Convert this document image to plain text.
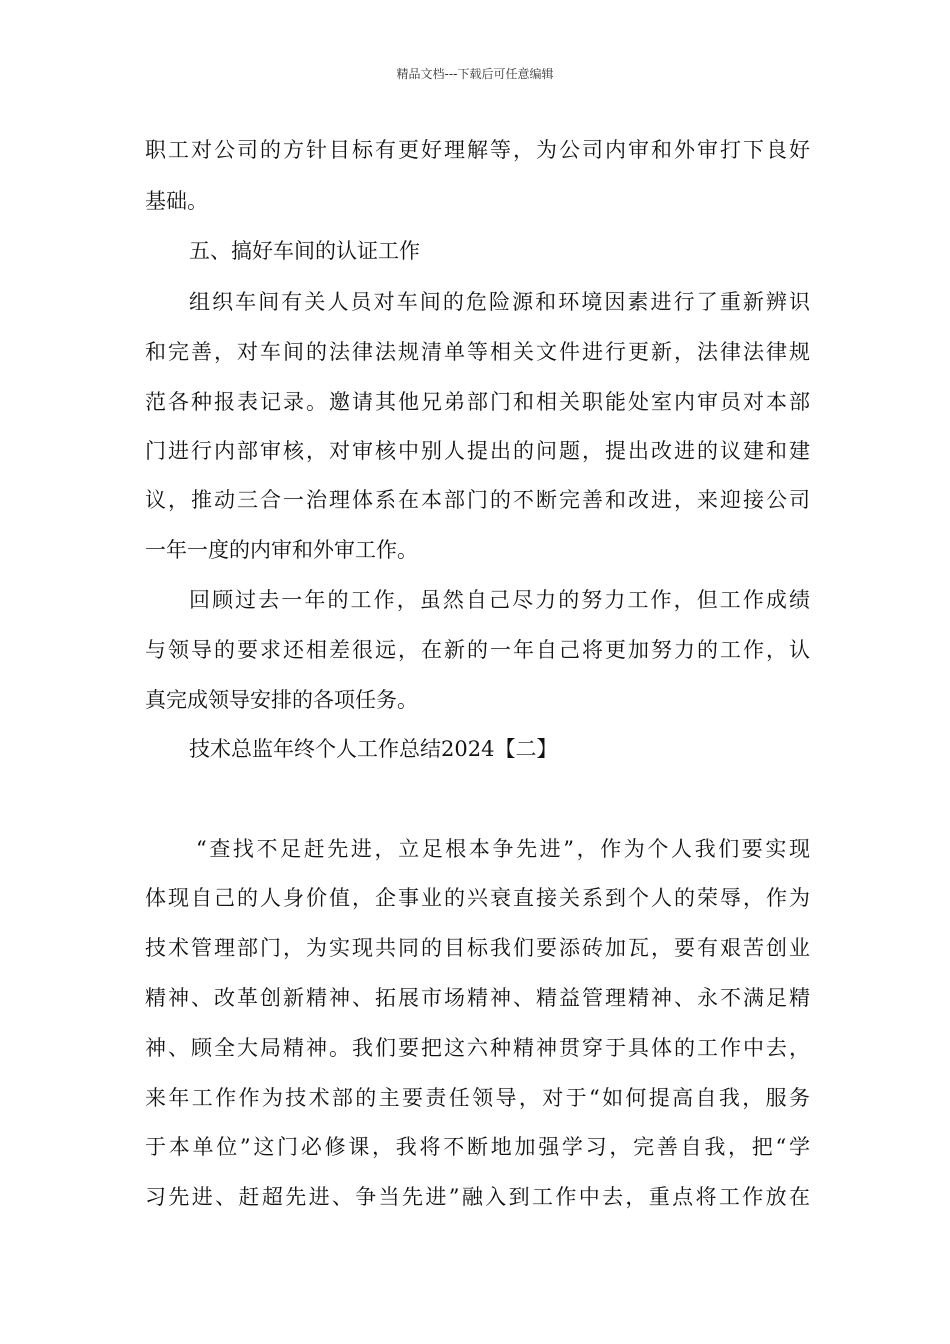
精品文档---下载后可任意编辑
职工对公司的方针目标有更好理解等，为公司内审和外审打下良好
基础。
五、搞好车间的认证工作
组织车间有关人员对车间的危险源和环境因素进行了重新辨识
和完善，对车间的法律法规清单等相关文件进行更新，法律法律规
范各种报表记录。邀请其他兄弟部门和相关职能处室内审员对本部
门进行内部审核，对审核中别人提出的问题，提出改进的议建和建
议，推动三合一治理体系在本部门的不断完善和改进，来迎接公司
一年一度的内审和外审工作。
回顾过去一年的工作，虽然自己尽力的努力工作，但工作成绩
与领导的要求还相差很远，在新的一年自己将更加努力的工作，认
真完成领导安排的各项任务。
技术总监年终个人工作总结2024【二】
“查找不足赶先进，立足根本争先进”，作为个人我们要实现
体现自己的人身价值，企事业的兴衰直接关系到个人的荣辱，作为
技术管理部门，为实现共同的目标我们要添砖加瓦，要有艰苦创业
精神、改革创新精神、拓展市场精神、精益管理精神、永不满足精
神、顾全大局精神。我们要把这六种精神贯穿于具体的工作中去，
来年工作作为技术部的主要责任领导，对于“如何提高自我，服务
于本单位”这门必修课，我将不断地加强学习，完善自我，把“学
习先进、赶超先进、争当先进”融入到工作中去，重点将工作放在
